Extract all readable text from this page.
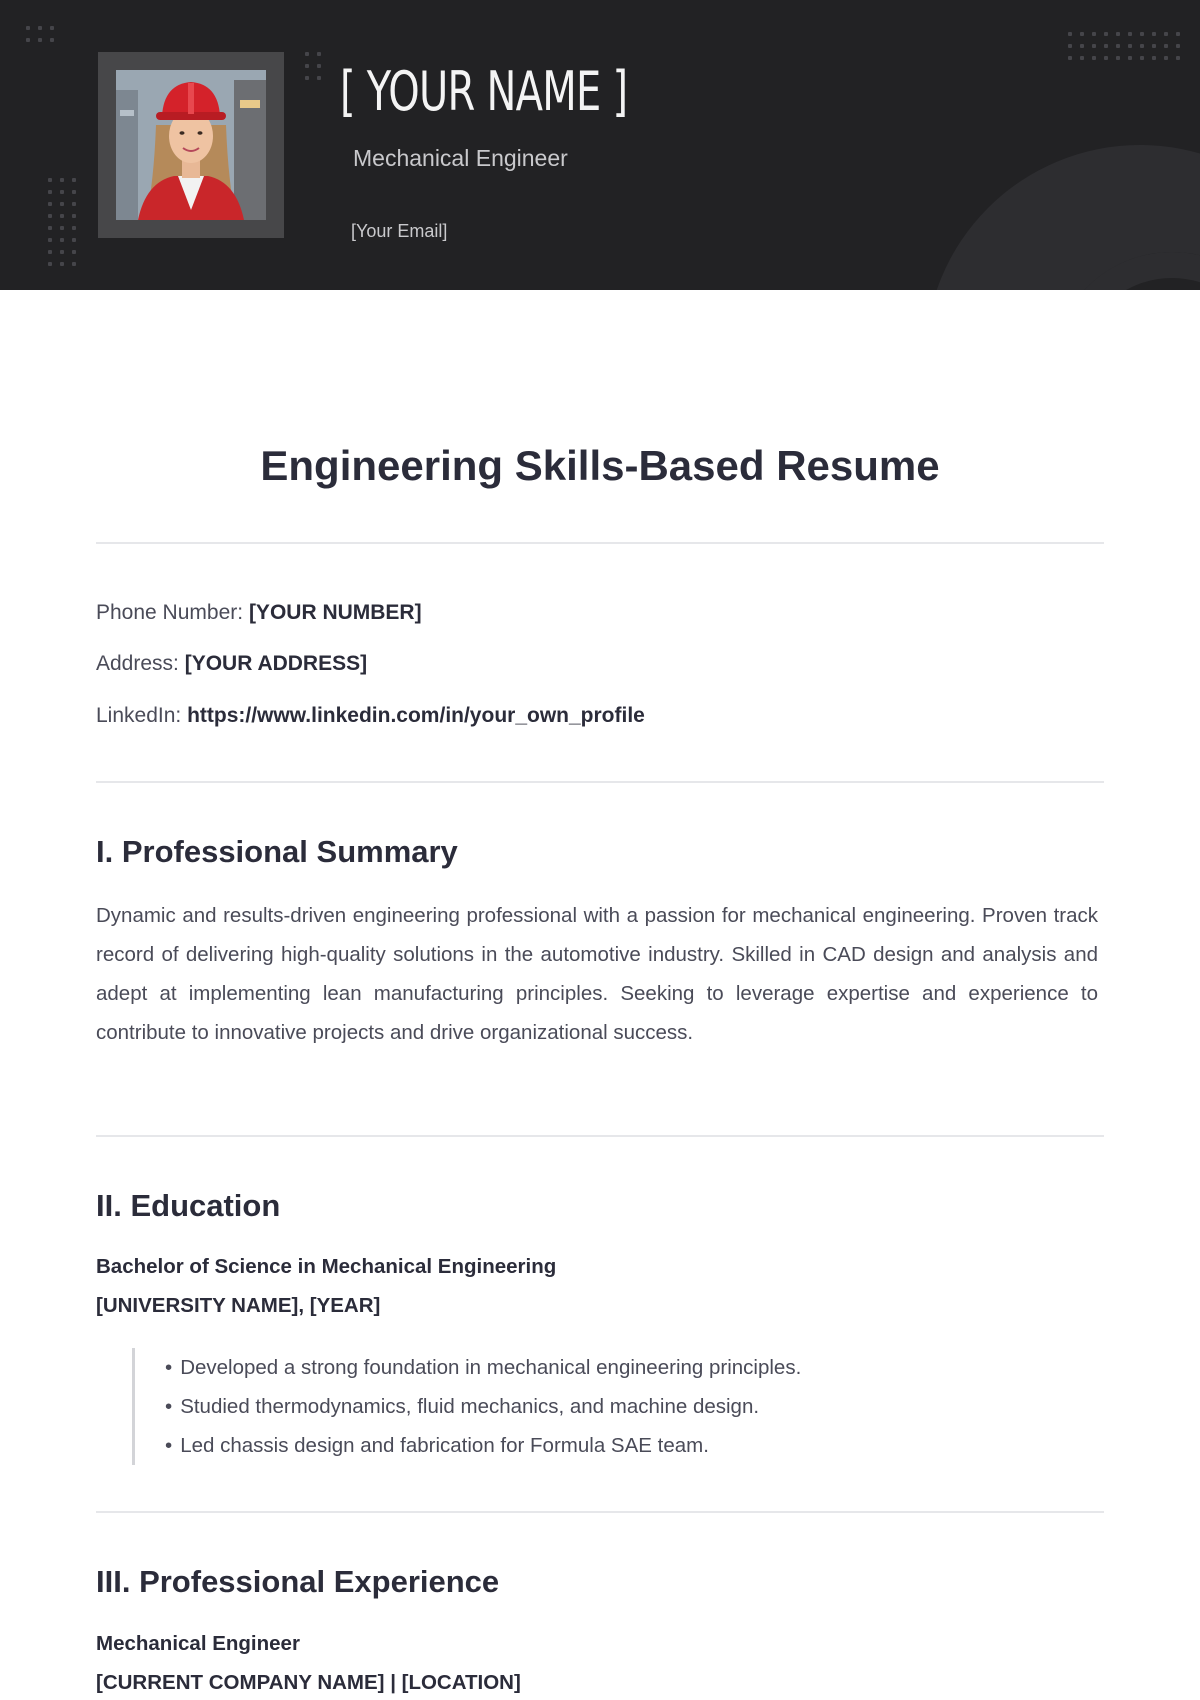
[ YOUR NAME ]
Mechanical Engineer
[Your Email]
Engineering Skills-Based Resume
Phone Number: [YOUR NUMBER]
Address: [YOUR ADDRESS]
LinkedIn: https://www.linkedin.com/in/your_own_profile
I. Professional Summary

Dynamic and results-driven engineering professional with a passion for mechanical engineering. Proven track record of delivering high-quality solutions in the automotive industry. Skilled in CAD design and analysis and adept at implementing lean manufacturing principles. Seeking to leverage expertise and experience to contribute to innovative projects and drive organizational success.

II. Education
Bachelor of Science in Mechanical Engineering
[UNIVERSITY NAME], [YEAR]
• Developed a strong foundation in mechanical engineering principles.
• Studied thermodynamics, fluid mechanics, and machine design.
• Led chassis design and fabrication for Formula SAE team.
III. Professional Experience
Mechanical Engineer
[CURRENT COMPANY NAME] | [LOCATION]
